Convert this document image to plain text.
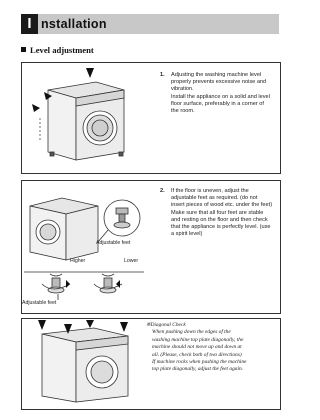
I nstallation
Level adjustment
1. Adjusting the washing machine level
properly prevents excessive noise and
vibration.
Install the appliance on a solid and level
floor surface, preferably in a corner of
the room.
Adjustable feet
Higher	Lower
Adjustable feet
2. If the floor is uneven, adjust the
adjustable feet as required. (do not
insert pieces of wood etc. under the feet)
Make sure that all four feet are stable
and resting on the floor and then check
that the appliance is perfectly level. (use
a spirit level)
※Diagonal Check
When pushing down the edges of the
washing machine top plate diagonally, the
machine should not move up and down at
all. (Please, check both of two directions)
If machine rocks when pushing the machine
top plate diagonally, adjust the feet again.
